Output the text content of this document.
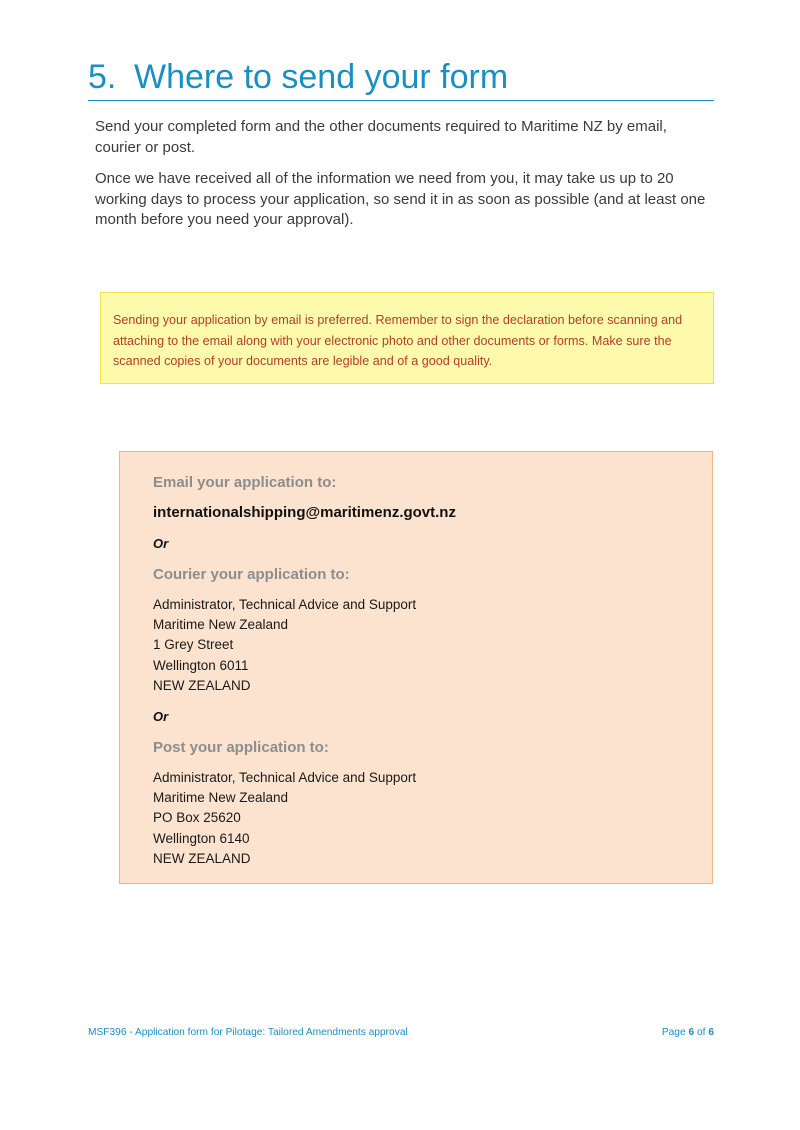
5. Where to send your form

Send your completed form and the other documents required to Maritime NZ by email, courier or post.

Once we have received all of the information we need from you, it may take us up to 20 working days to process your application, so send it in as soon as possible (and at least one month before you need your approval).

Sending your application by email is preferred. Remember to sign the declaration before scanning and attaching to the email along with your electronic photo and other documents or forms. Make sure the scanned copies of your documents are legible and of a good quality.

Email your application to:

internationalshipping@maritimenz.govt.nz

Or

Courier your application to:

Administrator, Technical Advice and Support
Maritime New Zealand
1 Grey Street
Wellington 6011
NEW ZEALAND

Or

Post your application to:

Administrator, Technical Advice and Support
Maritime New Zealand
PO Box 25620
Wellington 6140
NEW ZEALAND
MSF396 - Application form for Pilotage: Tailored Amendments approval	Page 6 of 6
